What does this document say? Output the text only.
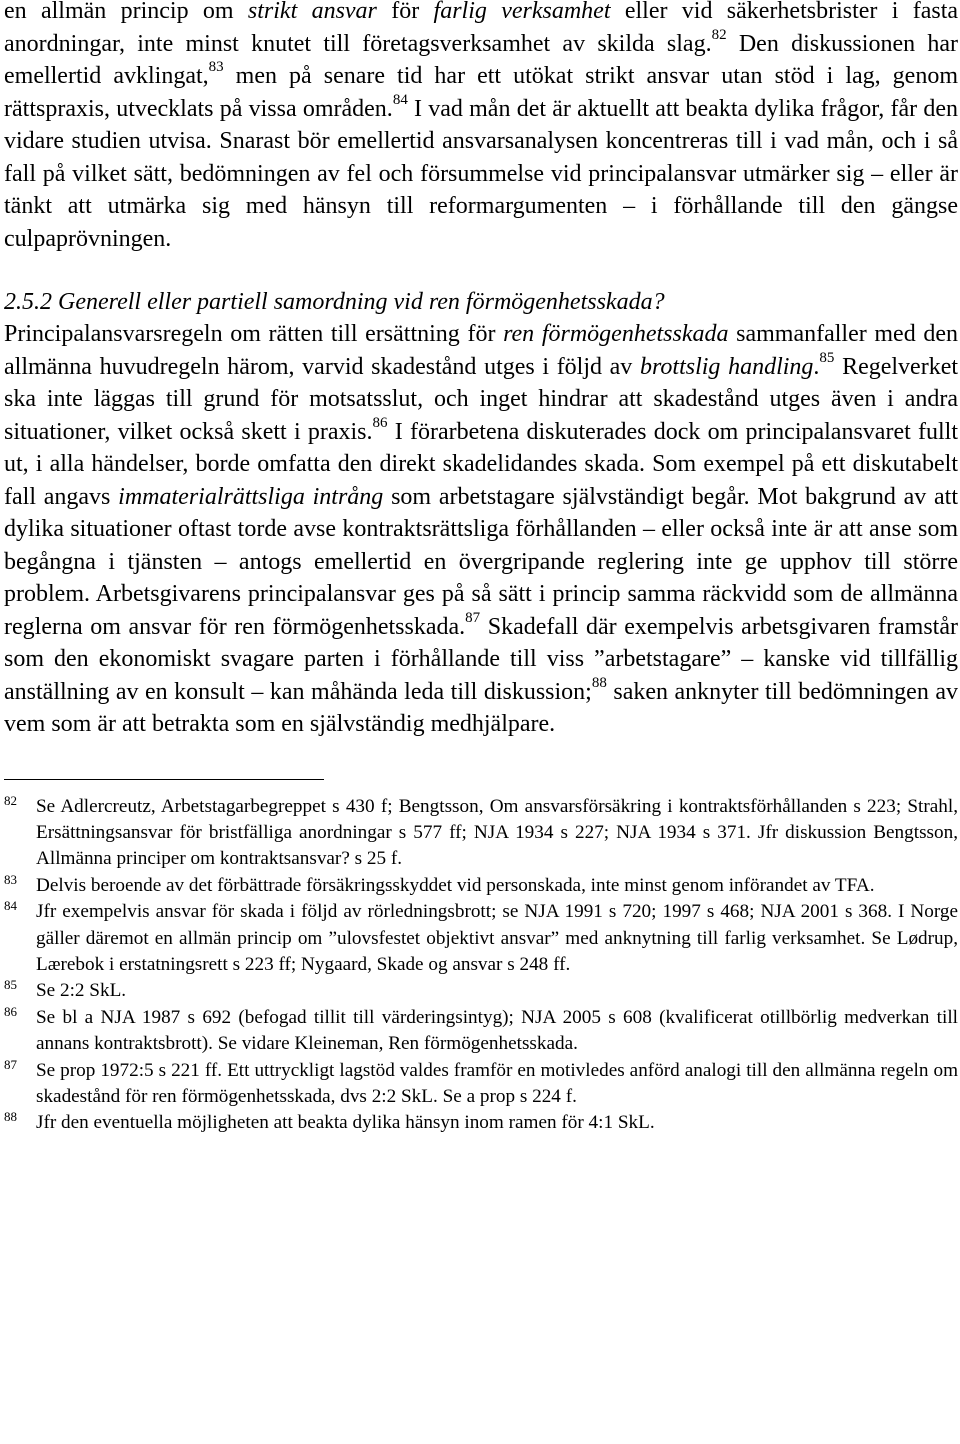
en allmän princip om strikt ansvar för farlig verksamhet eller vid säkerhetsbrister i fasta anordningar, inte minst knutet till företagsverksamhet av skilda slag.$^{82}$ Den diskussionen har emellertid avklingat,$^{83}$ men på senare tid har ett utökat strikt ansvar utan stöd i lag, genom rättspraxis, utvecklats på vissa områden.$^{84}$ I vad mån det är aktuellt att beakta dylika frågor, får den vidare studien utvisa. Snarast bör emellertid ansvarsanalysen koncentreras till i vad mån, och i så fall på vilket sätt, bedömningen av fel och försummelse vid principalansvar utmärker sig – eller är tänkt att utmärka sig med hänsyn till reformargumenten – i förhållande till den gängse culpaprövningen.

2.5.2 Generell eller partiell samordning vid ren förmögenhetsskada?

Principalansvarsregeln om rätten till ersättning för ren förmögenhetsskada sammanfaller med den allmänna huvudregeln härom, varvid skadestånd utges i följd av brottslig handling.$^{85}$ Regelverket ska inte läggas till grund för motsatsslut, och inget hindrar att skadestånd utges även i andra situationer, vilket också skett i praxis.$^{86}$ I förarbetena diskuterades dock om principalansvaret fullt ut, i alla händelser, borde omfatta den direkt skadelidandes skada. Som exempel på ett diskutabelt fall angavs immaterialrättsliga intrång som arbetstagare självständigt begår. Mot bakgrund av att dylika situationer oftast torde avse kontraktsrättsliga förhållanden – eller också inte är att anse som begångna i tjänsten – antogs emellertid en övergripande reglering inte ge upphov till större problem. Arbetsgivarens principalansvar ges på så sätt i princip samma räckvidd som de allmänna reglerna om ansvar för ren förmögenhetsskada.$^{87}$ Skadefall där exempelvis arbetsgivaren framstår som den ekonomiskt svagare parten i förhållande till viss ”arbetstagare” – kanske vid tillfällig anställning av en konsult – kan måhända leda till diskussion;$^{88}$ saken anknyter till bedömningen av vem som är att betrakta som en självständig medhjälpare.

82 Se Adlercreutz, Arbetstagarbegreppet s 430 f; Bengtsson, Om ansvarsförsäkring i kontraktsförhållanden s 223; Strahl, Ersättningsansvar för bristfälliga anordningar s 577 ff; NJA 1934 s 227; NJA 1934 s 371. Jfr diskussion Bengtsson, Allmänna principer om kontraktsansvar? s 25 f.
83 Delvis beroende av det förbättrade försäkringsskyddet vid personskada, inte minst genom införandet av TFA.
84 Jfr exempelvis ansvar för skada i följd av rörledningsbrott; se NJA 1991 s 720; 1997 s 468; NJA 2001 s 368. I Norge gäller däremot en allmän princip om ”ulovsfestet objektivt ansvar” med anknytning till farlig verksamhet. Se Lødrup, Lærebok i erstatningsrett s 223 ff; Nygaard, Skade og ansvar s 248 ff.
85 Se 2:2 SkL.
86 Se bl a NJA 1987 s 692 (befogad tillit till värderingsintyg); NJA 2005 s 608 (kvalificerat otillbörlig medverkan till annans kontraktsbrott). Se vidare Kleineman, Ren förmögenhetsskada.
87 Se prop 1972:5 s 221 ff. Ett uttryckligt lagstöd valdes framför en motivledes anförd analogi till den allmänna regeln om skadestånd för ren förmögenhetsskada, dvs 2:2 SkL. Se a prop s 224 f.
88 Jfr den eventuella möjligheten att beakta dylika hänsyn inom ramen för 4:1 SkL.
